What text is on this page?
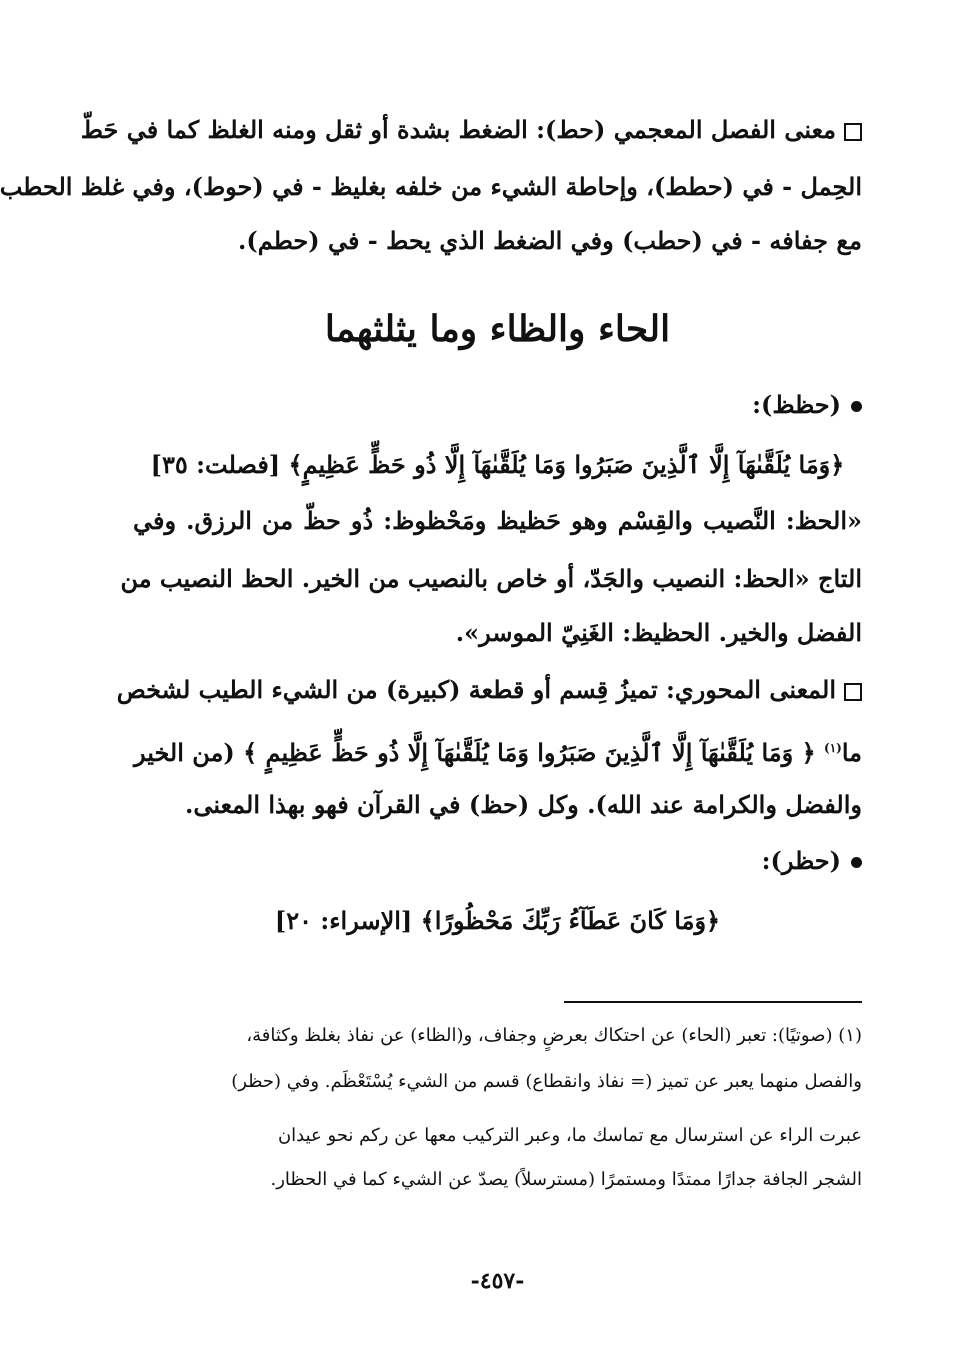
معنى الفصل المعجمي (حط): الضغط بشدة أو ثقل ومنه الغلظ كما في حَطّ
الحِمل - في (حطط)، وإحاطة الشيء من خلفه بغليظ - في (حوط)، وفي غلظ الحطب
مع جفافه - في (حطب) وفي الضغط الذي يحط - في (حطم).
الحاء والظاء وما يثلثهما
(حظظ):
﴿وَمَا يُلَقَّىٰهَآ إِلَّا ٱلَّذِينَ صَبَرُوا وَمَا يُلَقَّىٰهَآ إِلَّا ذُو حَظٍّ عَظِيمٍ﴾ [فصلت: ٣٥]
«الحظ: النَّصيب والقِسْم وهو حَظيظ ومَحْظوظ: ذُو حظّ من الرزق. وفي
التاج «الحظ: النصيب والجَدّ، أو خاص بالنصيب من الخير. الحظ النصيب من
الفضل والخير. الحظيظ: الغَنِيّ الموسر».
المعنى المحوري: تميزُ قِسم أو قطعة (كبيرة) من الشيء الطيب لشخص
ما$^{(١)}$ ﴿ وَمَا يُلَقَّىٰهَآ إِلَّا ٱلَّذِينَ صَبَرُوا وَمَا يُلَقَّىٰهَآ إِلَّا ذُو حَظٍّ عَظِيمٍ ﴾ (من الخير
والفضل والكرامة عند الله). وكل (حظ) في القرآن فهو بهذا المعنى.
(حظر):
﴿وَمَا كَانَ عَطَآءُ رَبِّكَ مَحْظُورًا﴾ [الإسراء: ٢٠]
(١) (صوتيًا): تعبر (الحاء) عن احتكاك بعرضٍ وجفاف، و(الظاء) عن نفاذ بغلظ وكثافة،
والفصل منهما يعبر عن تميز (= نفاذ وانقطاع) قسم من الشيء يُسْتَعْظَم. وفي (حظر)
عبرت الراء عن استرسال مع تماسك ما، وعبر التركيب معها عن ركم نحو عيدان
الشجر الجافة جدارًا ممتدًا ومستمرًا (مسترسلاً) يصدّ عن الشيء كما في الحظار.
-٤٥٧-
